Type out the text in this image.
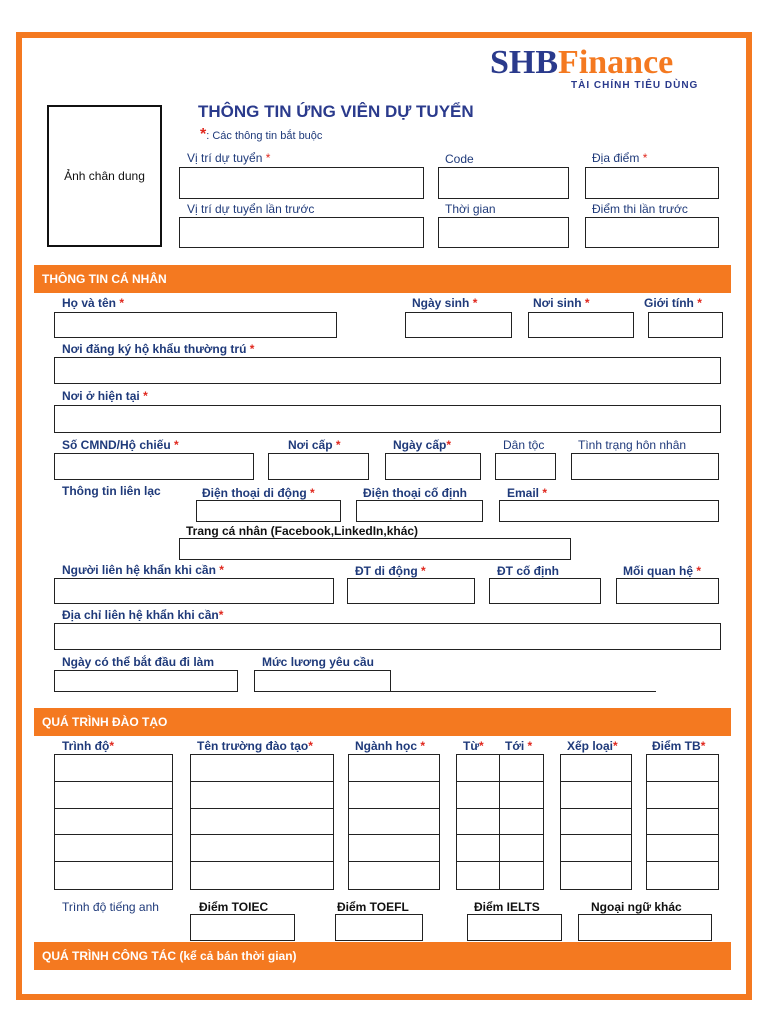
SHBFinance
TÀI CHÍNH TIÊU DÙNG
Ảnh chân dung
THÔNG TIN ỨNG VIÊN DỰ TUYỂN
*: Các thông tin bắt buộc
Vị trí dự tuyển *	Code	Địa điểm *
Vị trí dự tuyển lần trước	Thời gian	Điểm thi lần trước
THÔNG TIN CÁ NHÂN
Họ và tên *	Ngày sinh *	Nơi sinh *	Giới tính *
Nơi đăng ký hộ khẩu thường trú *
Nơi ở hiện tại *
Số CMND/Hộ chiếu *	Nơi cấp *	Ngày cấp*	Dân tộc	Tình trạng hôn nhân
Thông tin liên lạc	Điện thoại di động *	Điện thoại cố định	Email *
Trang cá nhân (Facebook,LinkedIn,khác)
Người liên hệ khẩn khi cần *	ĐT di động *	ĐT cố định	Mối quan hệ *
Địa chỉ liên hệ khẩn khi cần*
Ngày có thể bắt đầu đi làm	Mức lương yêu cầu
QUÁ TRÌNH ĐÀO TẠO
Trình độ*	Tên trường đào tạo*	Ngành học *	Từ* Tới *	Xếp loại*	Điểm TB*
Trình độ tiếng anh	Điểm TOIEC	Điểm TOEFL	Điểm IELTS	Ngoại ngữ khác
QUÁ TRÌNH CÔNG TÁC (kể cả bán thời gian)
